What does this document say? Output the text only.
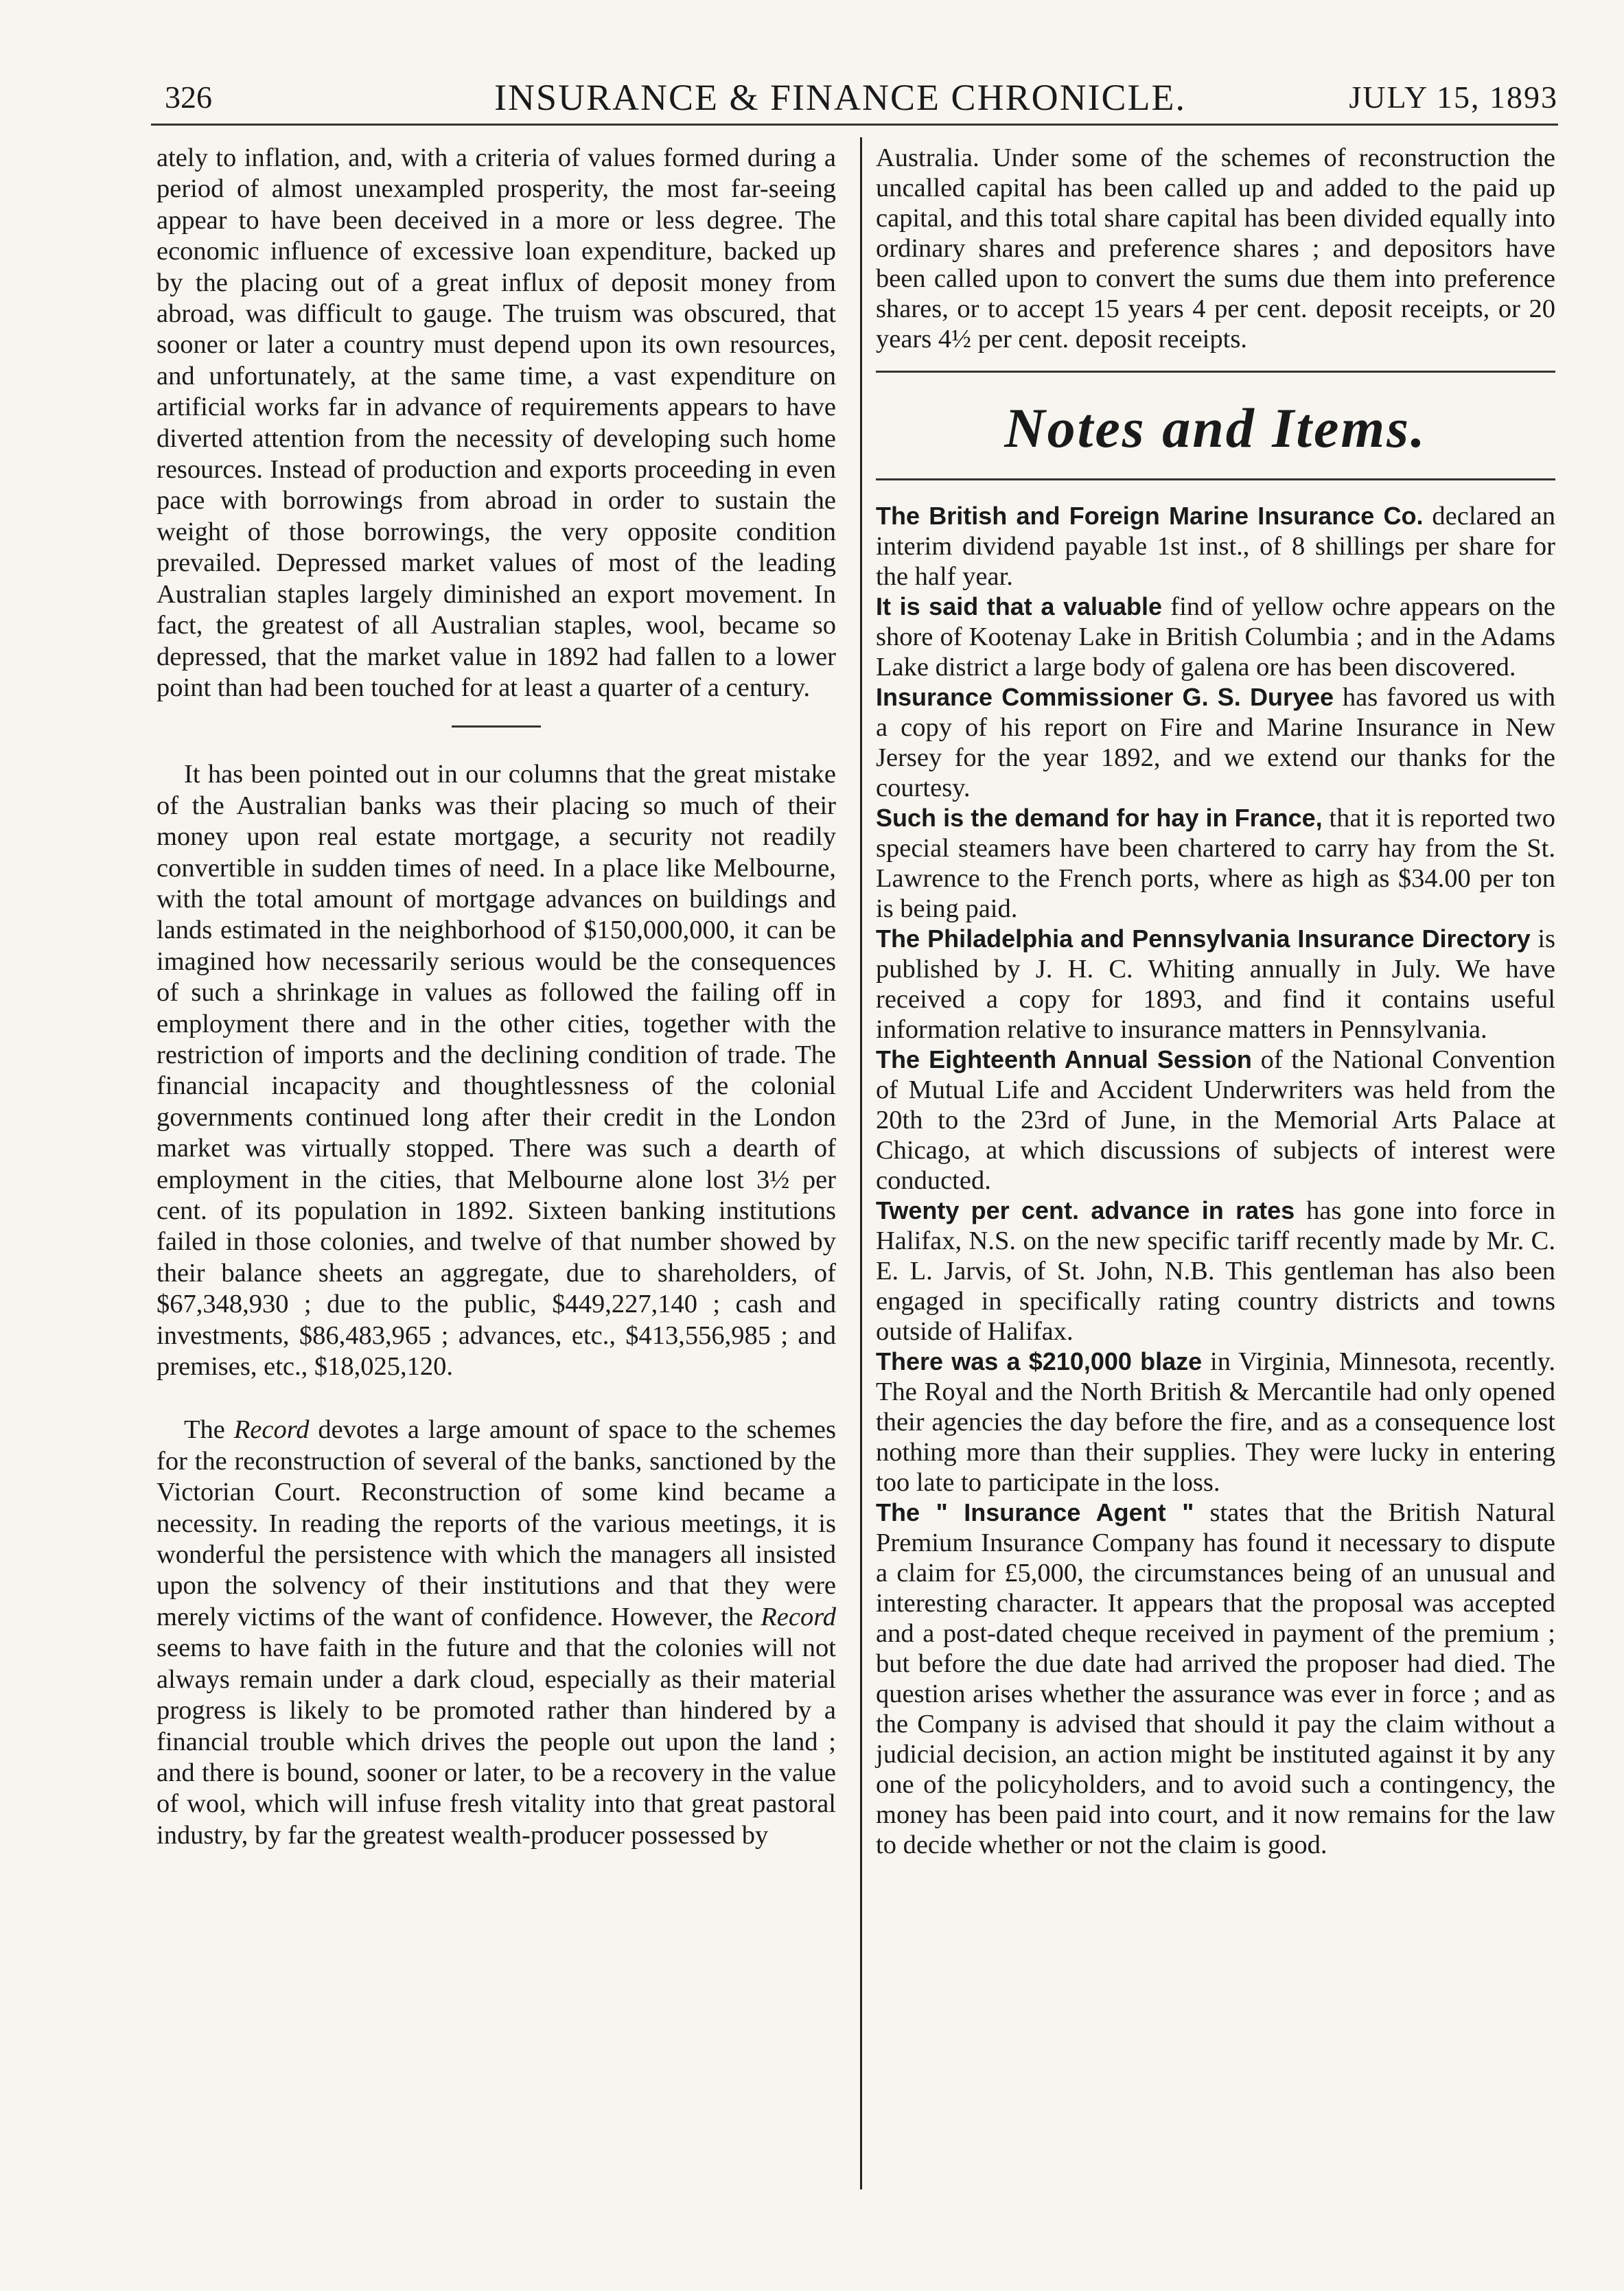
326	INSURANCE & FINANCE CHRONICLE.	JULY 15, 1893

ately to inflation, and, with a criteria of values formed during a period of almost unexampled prosperity, the most far-seeing appear to have been deceived in a more or less degree. The economic influence of excessive loan expenditure, backed up by the placing out of a great influx of deposit money from abroad, was difficult to gauge. The truism was obscured, that sooner or later a country must depend upon its own resources, and unfortunately, at the same time, a vast expenditure on artificial works far in advance of requirements appears to have diverted attention from the necessity of developing such home resources. Instead of production and exports proceeding in even pace with borrowings from abroad in order to sustain the weight of those borrowings, the very opposite condition prevailed. Depressed market values of most of the leading Australian staples largely diminished an export movement. In fact, the greatest of all Australian staples, wool, became so depressed, that the market value in 1892 had fallen to a lower point than had been touched for at least a quarter of a century.

It has been pointed out in our columns that the great mistake of the Australian banks was their placing so much of their money upon real estate mortgage, a security not readily convertible in sudden times of need. In a place like Melbourne, with the total amount of mortgage advances on buildings and lands estimated in the neighborhood of $150,000,000, it can be imagined how necessarily serious would be the consequences of such a shrinkage in values as followed the failing off in employment there and in the other cities, together with the restriction of imports and the declining condition of trade. The financial incapacity and thoughtlessness of the colonial governments continued long after their credit in the London market was virtually stopped. There was such a dearth of employment in the cities, that Melbourne alone lost 3½ per cent. of its population in 1892. Sixteen banking institutions failed in those colonies, and twelve of that number showed by their balance sheets an aggregate, due to shareholders, of $67,348,930 ; due to the public, $449,227,140 ; cash and investments, $86,483,965 ; advances, etc., $413,556,985 ; and premises, etc., $18,025,120.

The Record devotes a large amount of space to the schemes for the reconstruction of several of the banks, sanctioned by the Victorian Court. Reconstruction of some kind became a necessity. In reading the reports of the various meetings, it is wonderful the persistence with which the managers all insisted upon the solvency of their institutions and that they were merely victims of the want of confidence. However, the Record seems to have faith in the future and that the colonies will not always remain under a dark cloud, especially as their material progress is likely to be promoted rather than hindered by a financial trouble which drives the people out upon the land ; and there is bound, sooner or later, to be a recovery in the value of wool, which will infuse fresh vitality into that great pastoral industry, by far the greatest wealth-producer possessed by

Australia. Under some of the schemes of reconstruction the uncalled capital has been called up and added to the paid up capital, and this total share capital has been divided equally into ordinary shares and preference shares ; and depositors have been called upon to convert the sums due them into preference shares, or to accept 15 years 4 per cent. deposit receipts, or 20 years 4½ per cent. deposit receipts.

Notes and Items.

The British and Foreign Marine Insurance Co. declared an interim dividend payable 1st inst., of 8 shillings per share for the half year.

It is said that a valuable find of yellow ochre appears on the shore of Kootenay Lake in British Columbia ; and in the Adams Lake district a large body of galena ore has been discovered.

Insurance Commissioner G. S. Duryee has favored us with a copy of his report on Fire and Marine Insurance in New Jersey for the year 1892, and we extend our thanks for the courtesy.

Such is the demand for hay in France, that it is reported two special steamers have been chartered to carry hay from the St. Lawrence to the French ports, where as high as $34.00 per ton is being paid.

The Philadelphia and Pennsylvania Insurance Directory is published by J. H. C. Whiting annually in July. We have received a copy for 1893, and find it contains useful information relative to insurance matters in Pennsylvania.

The Eighteenth Annual Session of the National Convention of Mutual Life and Accident Underwriters was held from the 20th to the 23rd of June, in the Memorial Arts Palace at Chicago, at which discussions of subjects of interest were conducted.

Twenty per cent. advance in rates has gone into force in Halifax, N.S. on the new specific tariff recently made by Mr. C. E. L. Jarvis, of St. John, N.B. This gentleman has also been engaged in specifically rating country districts and towns outside of Halifax.

There was a $210,000 blaze in Virginia, Minnesota, recently. The Royal and the North British & Mercantile had only opened their agencies the day before the fire, and as a consequence lost nothing more than their supplies. They were lucky in entering too late to participate in the loss.

The " Insurance Agent " states that the British Natural Premium Insurance Company has found it necessary to dispute a claim for £5,000, the circumstances being of an unusual and interesting character. It appears that the proposal was accepted and a post-dated cheque received in payment of the premium ; but before the due date had arrived the proposer had died. The question arises whether the assurance was ever in force ; and as the Company is advised that should it pay the claim without a judicial decision, an action might be instituted against it by any one of the policyholders, and to avoid such a contingency, the money has been paid into court, and it now remains for the law to decide whether or not the claim is good.
